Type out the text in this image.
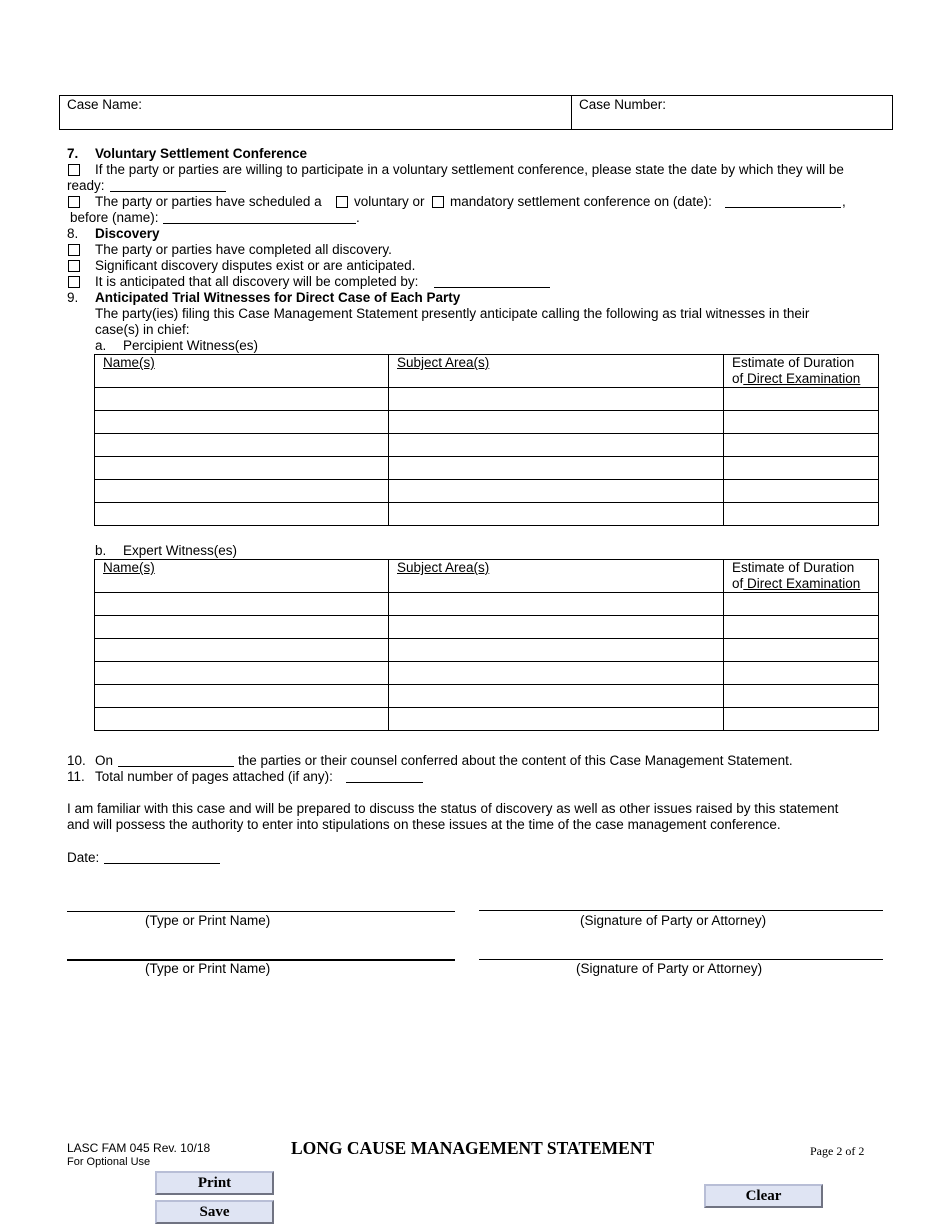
Case Name:	Case Number:
7. Voluntary Settlement Conference
If the party or parties are willing to participate in a voluntary settlement conference, please state the date by which they will be
ready:
The party or parties have scheduled a voluntary or mandatory settlement conference on (date):	,
before (name):	.
8. Discovery
The party or parties have completed all discovery.
Significant discovery disputes exist or are anticipated.
It is anticipated that all discovery will be completed by:
9. Anticipated Trial Witnesses for Direct Case of Each Party
The party(ies) filing this Case Management Statement presently anticipate calling the following as trial witnesses in their
case(s) in chief:
a. Percipient Witness(es)
Name(s)	Subject Area(s)	Estimate of Duration
of Direct Examination

b. Expert Witness(es)
Name(s)	Subject Area(s)	Estimate of Duration
of Direct Examination

10. On	the parties or their counsel conferred about the content of this Case Management Statement.
11. Total number of pages attached (if any):
I am familiar with this case and will be prepared to discuss the status of discovery as well as other issues raised by this statement
and will possess the authority to enter into stipulations on these issues at the time of the case management conference.
Date:
(Type or Print Name)	(Signature of Party or Attorney)
(Type or Print Name)	(Signature of Party or Attorney)
LASC FAM 045 Rev. 10/18
For Optional Use
LONG CAUSE MANAGEMENT STATEMENT	Page 2 of 2
Print
Save
Clear
